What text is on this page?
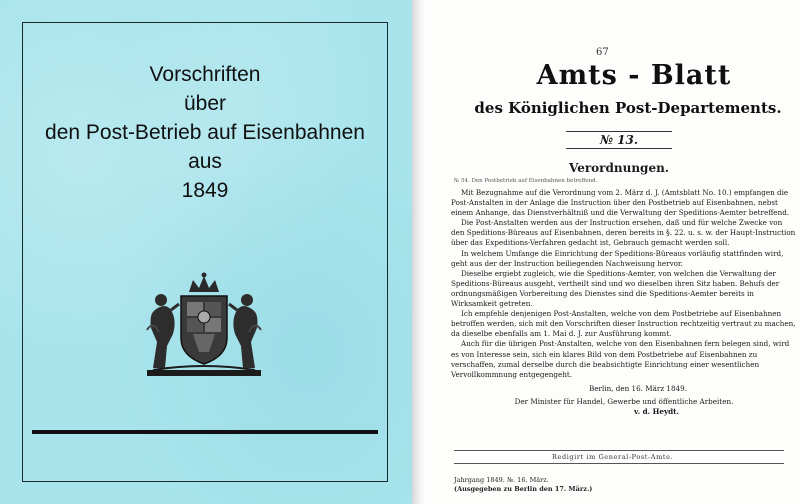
Vorschriften
über
den Post-Betrieb auf Eisenbahnen
aus
1849
67
Amts - Blatt
des Königlichen Post-Departements.
№ 13.
Verordnungen.
№ 54. Den Postbetrieb auf Eisenbahnen betreffend.

Mit Bezugnahme auf die Verordnung vom 2. März d. J. (Amtsblatt No. 10.) empfangen die Post-Anstalten in der Anlage die Instruction über den Postbetrieb auf Eisenbahnen, nebst einem Anhange, das Dienstverhältniß und die Verwaltung der Speditions-Aemter betreffend.

Die Post-Anstalten werden aus der Instruction ersehen, daß und für welche Zwecke von den Speditions-Büreaus auf Eisenbahnen, deren bereits in §. 22. u. s. w. der Haupt-Instruction über das Expeditions-Verfahren gedacht ist, Gebrauch gemacht werden soll.

In welchem Umfange die Einrichtung der Speditions-Büreaus vorläufig stattfinden wird, geht aus der der Instruction beiliegenden Nachweisung hervor.

Dieselbe ergiebt zugleich, wie die Speditions-Aemter, von welchen die Verwaltung der Speditions-Büreaus ausgeht, vertheilt sind und wo dieselben ihren Sitz haben. Behufs der ordnungsmäßigen Vorbereitung des Dienstes sind die Speditions-Aemter bereits in Wirksamkeit getreten.

Ich empfehle denjenigen Post-Anstalten, welche von dem Postbetriebe auf Eisenbahnen betroffen werden, sich mit den Vorschriften dieser Instruction rechtzeitig vertraut zu machen, da dieselbe ebenfalls am 1. Mai d. J. zur Ausführung kommt.

Auch für die übrigen Post-Anstalten, welche von den Eisenbahnen fern belegen sind, wird es von Interesse sein, sich ein klares Bild von dem Postbetriebe auf Eisenbahnen zu verschaffen, zumal derselbe durch die beabsichtigte Einrichtung einer wesentlichen Vervollkommnung entgegengeht.

Berlin, den 16. März 1849.
Der Minister für Handel, Gewerbe und öffentliche Arbeiten.
v. d. Heydt.
Redigirt im General-Post-Amte.
Jahrgang 1849. №. 16. März.
(Ausgegeben zu Berlin den 17. März.)
